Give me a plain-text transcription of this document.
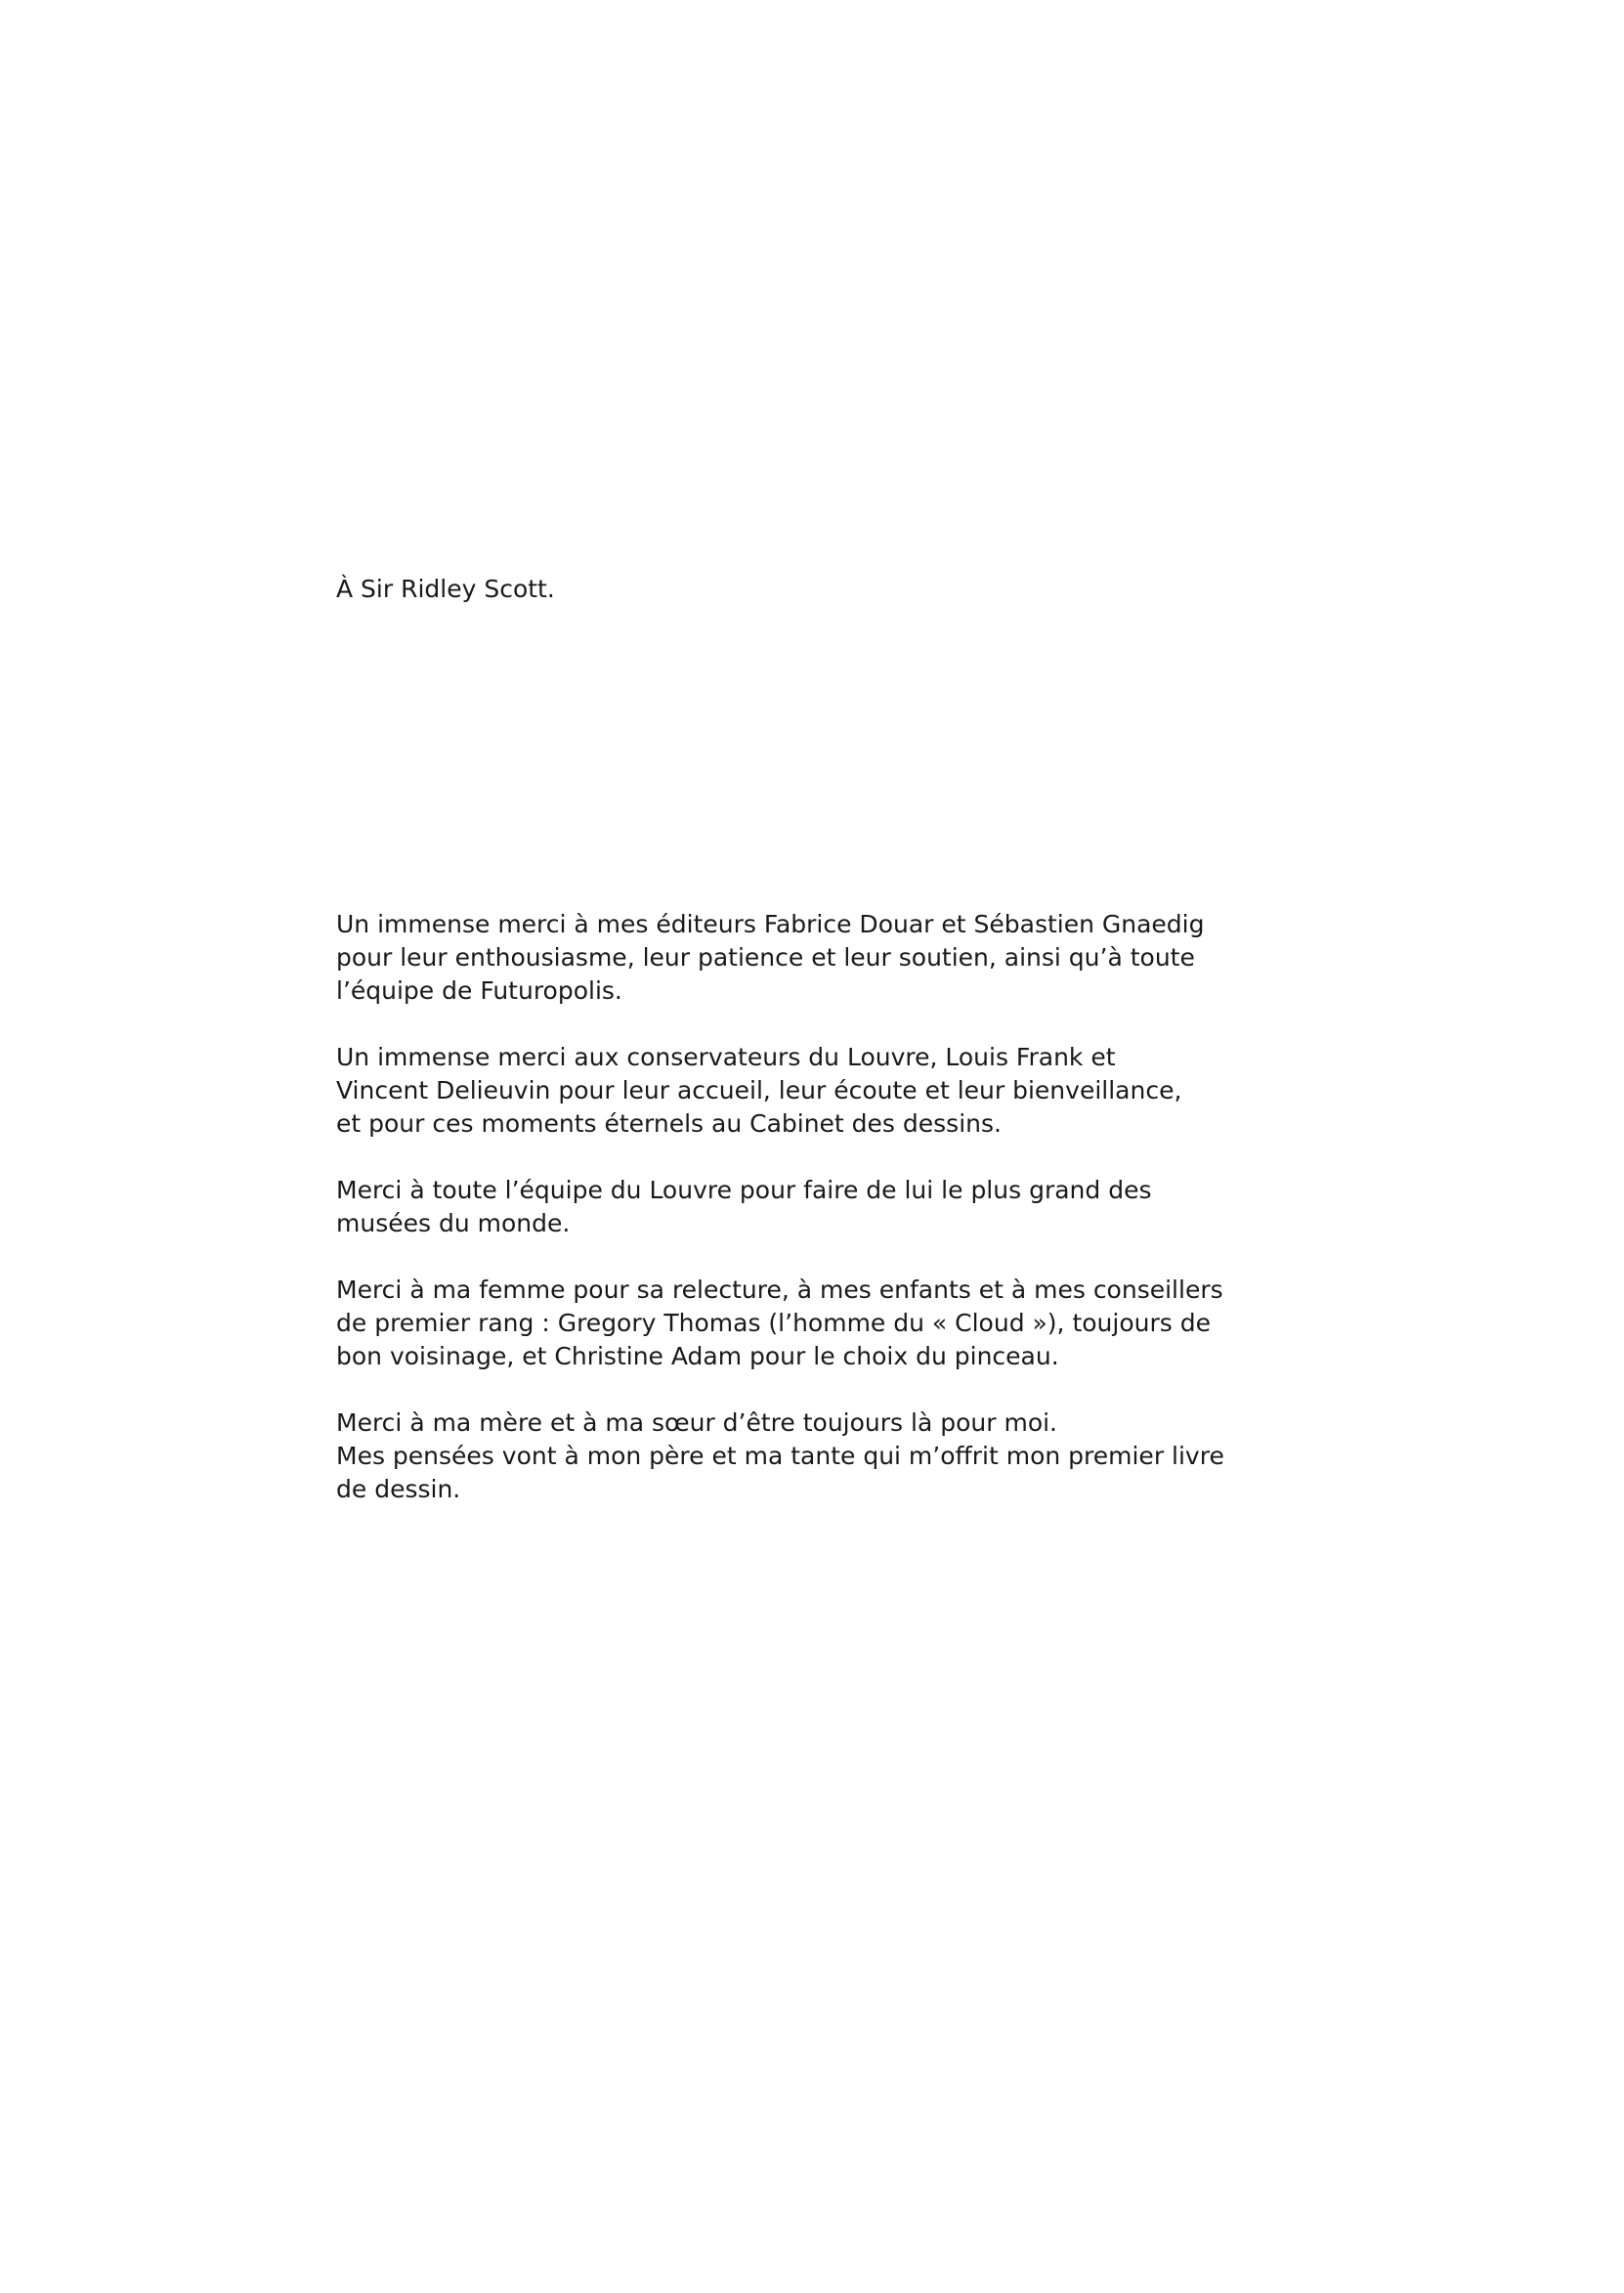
À Sir Ridley Scott.

Un immense merci à mes éditeurs Fabrice Douar et Sébastien Gnaedig
pour leur enthousiasme, leur patience et leur soutien, ainsi qu’à toute
l’équipe de Futuropolis.

Un immense merci aux conservateurs du Louvre, Louis Frank et
Vincent Delieuvin pour leur accueil, leur écoute et leur bienveillance,
et pour ces moments éternels au Cabinet des dessins.

Merci à toute l’équipe du Louvre pour faire de lui le plus grand des
musées du monde.

Merci à ma femme pour sa relecture, à mes enfants et à mes conseillers
de premier rang : Gregory Thomas (l’homme du « Cloud »), toujours de
bon voisinage, et Christine Adam pour le choix du pinceau.

Merci à ma mère et à ma sœur d’être toujours là pour moi.
Mes pensées vont à mon père et ma tante qui m’offrit mon premier livre
de dessin.
